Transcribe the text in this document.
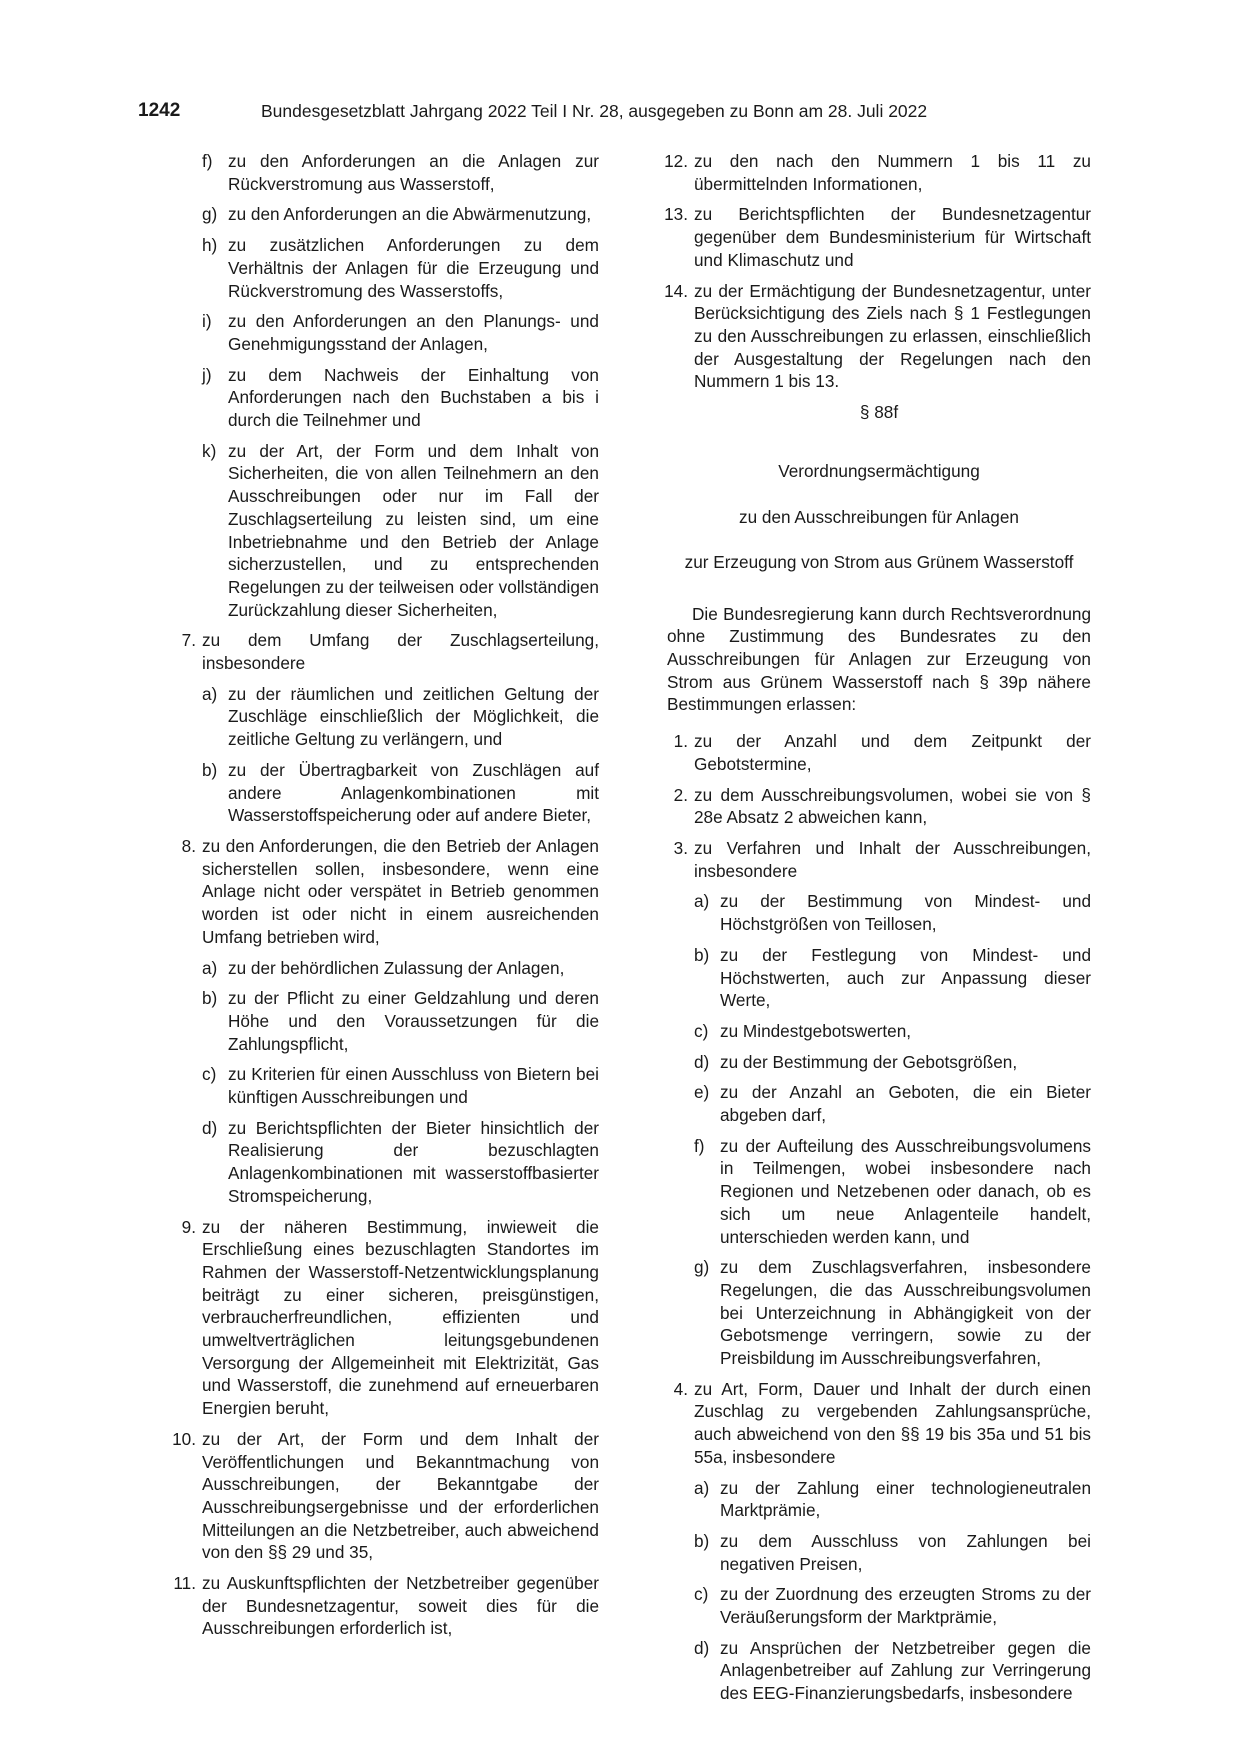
1242	Bundesgesetzblatt Jahrgang 2022 Teil I Nr. 28, ausgegeben zu Bonn am 28. Juli 2022
f) zu den Anforderungen an die Anlagen zur Rückverstromung aus Wasserstoff,
g) zu den Anforderungen an die Abwärmenutzung,
h) zu zusätzlichen Anforderungen zu dem Verhältnis der Anlagen für die Erzeugung und Rückverstromung des Wasserstoffs,
i) zu den Anforderungen an den Planungs- und Genehmigungsstand der Anlagen,
j) zu dem Nachweis der Einhaltung von Anforderungen nach den Buchstaben a bis i durch die Teilnehmer und
k) zu der Art, der Form und dem Inhalt von Sicherheiten, die von allen Teilnehmern an den Ausschreibungen oder nur im Fall der Zuschlagserteilung zu leisten sind, um eine Inbetriebnahme und den Betrieb der Anlage sicherzustellen, und zu entsprechenden Regelungen zu der teilweisen oder vollständigen Zurückzahlung dieser Sicherheiten,
7. zu dem Umfang der Zuschlagserteilung, insbesondere
a) zu der räumlichen und zeitlichen Geltung der Zuschläge einschließlich der Möglichkeit, die zeitliche Geltung zu verlängern, und
b) zu der Übertragbarkeit von Zuschlägen auf andere Anlagenkombinationen mit Wasserstoffspeicherung oder auf andere Bieter,
8. zu den Anforderungen, die den Betrieb der Anlagen sicherstellen sollen, insbesondere, wenn eine Anlage nicht oder verspätet in Betrieb genommen worden ist oder nicht in einem ausreichenden Umfang betrieben wird,
a) zu der behördlichen Zulassung der Anlagen,
b) zu der Pflicht zu einer Geldzahlung und deren Höhe und den Voraussetzungen für die Zahlungspflicht,
c) zu Kriterien für einen Ausschluss von Bietern bei künftigen Ausschreibungen und
d) zu Berichtspflichten der Bieter hinsichtlich der Realisierung der bezuschlagten Anlagenkombinationen mit wasserstoffbasierter Stromspeicherung,
9. zu der näheren Bestimmung, inwieweit die Erschließung eines bezuschlagten Standortes im Rahmen der Wasserstoff-Netzentwicklungsplanung beiträgt zu einer sicheren, preisgünstigen, verbraucherfreundlichen, effizienten und umweltverträglichen leitungsgebundenen Versorgung der Allgemeinheit mit Elektrizität, Gas und Wasserstoff, die zunehmend auf erneuerbaren Energien beruht,
10. zu der Art, der Form und dem Inhalt der Veröffentlichungen und Bekanntmachung von Ausschreibungen, der Bekanntgabe der Ausschreibungsergebnisse und der erforderlichen Mitteilungen an die Netzbetreiber, auch abweichend von den §§ 29 und 35,
11. zu Auskunftspflichten der Netzbetreiber gegenüber der Bundesnetzagentur, soweit dies für die Ausschreibungen erforderlich ist,
12. zu den nach den Nummern 1 bis 11 zu übermittelnden Informationen,
13. zu Berichtspflichten der Bundesnetzagentur gegenüber dem Bundesministerium für Wirtschaft und Klimaschutz und
14. zu der Ermächtigung der Bundesnetzagentur, unter Berücksichtigung des Ziels nach § 1 Festlegungen zu den Ausschreibungen zu erlassen, einschließlich der Ausgestaltung der Regelungen nach den Nummern 1 bis 13.
§ 88f

Verordnungsermächtigung

zu den Ausschreibungen für Anlagen

zur Erzeugung von Strom aus Grünem Wasserstoff

Die Bundesregierung kann durch Rechtsverordnung ohne Zustimmung des Bundesrates zu den Ausschreibungen für Anlagen zur Erzeugung von Strom aus Grünem Wasserstoff nach § 39p nähere Bestimmungen erlassen:
1. zu der Anzahl und dem Zeitpunkt der Gebotstermine,
2. zu dem Ausschreibungsvolumen, wobei sie von § 28e Absatz 2 abweichen kann,
3. zu Verfahren und Inhalt der Ausschreibungen, insbesondere
a) zu der Bestimmung von Mindest- und Höchstgrößen von Teillosen,
b) zu der Festlegung von Mindest- und Höchstwerten, auch zur Anpassung dieser Werte,
c) zu Mindestgebotswerten,
d) zu der Bestimmung der Gebotsgrößen,
e) zu der Anzahl an Geboten, die ein Bieter abgeben darf,
f) zu der Aufteilung des Ausschreibungsvolumens in Teilmengen, wobei insbesondere nach Regionen und Netzebenen oder danach, ob es sich um neue Anlagenteile handelt, unterschieden werden kann, und
g) zu dem Zuschlagsverfahren, insbesondere Regelungen, die das Ausschreibungsvolumen bei Unterzeichnung in Abhängigkeit von der Gebotsmenge verringern, sowie zu der Preisbildung im Ausschreibungsverfahren,
4. zu Art, Form, Dauer und Inhalt der durch einen Zuschlag zu vergebenden Zahlungsansprüche, auch abweichend von den §§ 19 bis 35a und 51 bis 55a, insbesondere
a) zu der Zahlung einer technologieneutralen Marktprämie,
b) zu dem Ausschluss von Zahlungen bei negativen Preisen,
c) zu der Zuordnung des erzeugten Stroms zu der Veräußerungsform der Marktprämie,
d) zu Ansprüchen der Netzbetreiber gegen die Anlagenbetreiber auf Zahlung zur Verringerung des EEG-Finanzierungsbedarfs, insbesondere
